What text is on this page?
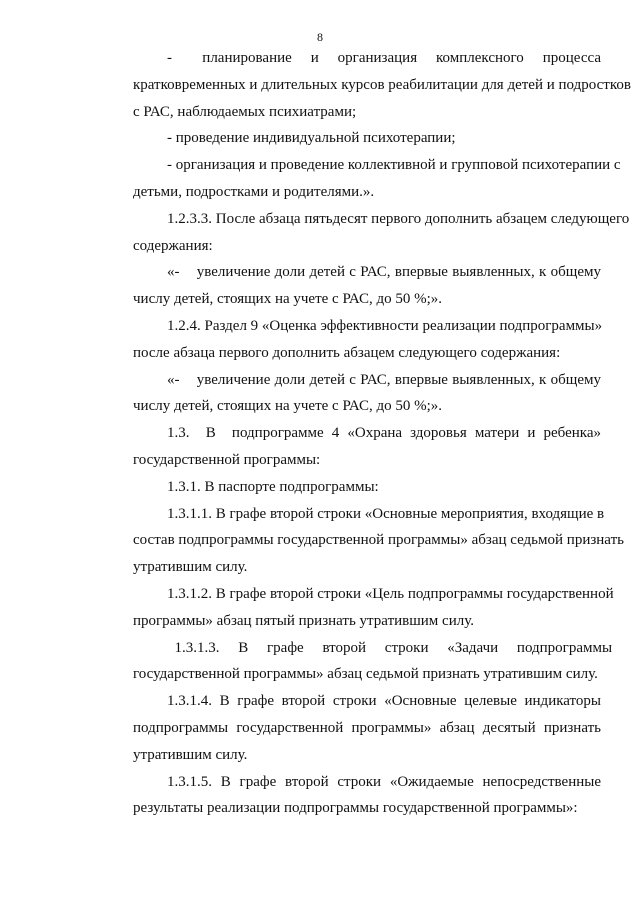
8
-        планирование     и     организация     комплексного     процесса
кратковременных и длительных курсов реабилитации для детей и подростков
с РАС, наблюдаемых психиатрами;
- проведение индивидуальной психотерапии;
- организация и проведение коллективной и групповой психотерапии с
детьми, подростками и родителями.».
1.2.3.3. После абзаца пятьдесят первого дополнить абзацем следующего
содержания:
«-    увеличение доли детей с РАС, впервые выявленных, к общему
числу детей, стоящих на учете с РАС, до 50 %;».
1.2.4. Раздел 9 «Оценка эффективности реализации подпрограммы»
после абзаца первого дополнить абзацем следующего содержания:
«-    увеличение доли детей с РАС, впервые выявленных, к общему
числу детей, стоящих на учете с РАС, до 50 %;».
1.3.  В  подпрограмме 4 «Охрана здоровья матери и ребенка»
государственной программы:
1.3.1. В паспорте подпрограммы:
1.3.1.1. В графе второй строки «Основные мероприятия, входящие в
состав подпрограммы государственной программы» абзац седьмой признать
утратившим силу.
1.3.1.2. В графе второй строки «Цель подпрограммы государственной
программы» абзац пятый признать утратившим силу.
1.3.1.3.     В     графе     второй     строки     «Задачи     подпрограммы
государственной программы» абзац седьмой признать утратившим силу.
1.3.1.4. В графе второй строки «Основные целевые индикаторы
подпрограммы государственной программы» абзац десятый признать
утратившим силу.
1.3.1.5. В графе второй строки «Ожидаемые непосредственные
результаты реализации подпрограммы государственной программы»:
